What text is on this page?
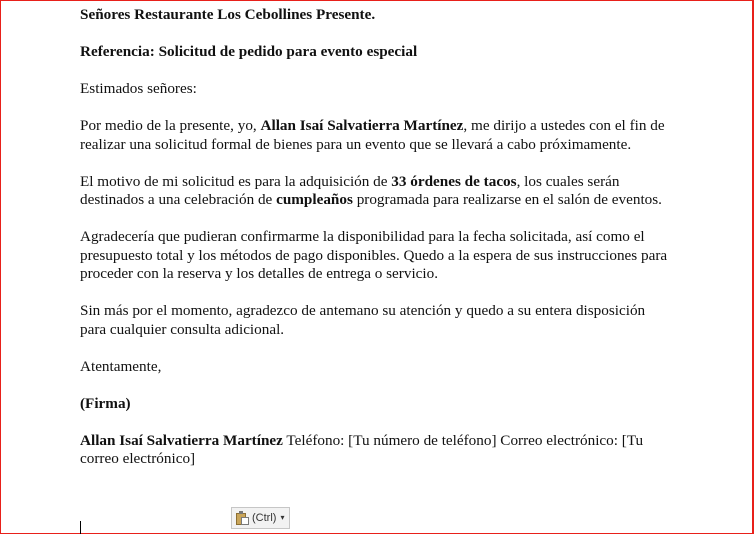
Señores Restaurante Los Cebollines Presente.

Referencia: Solicitud de pedido para evento especial

Estimados señores:

Por medio de la presente, yo, Allan Isaí Salvatierra Martínez, me dirijo a ustedes con el fin de realizar una solicitud formal de bienes para un evento que se llevará a cabo próximamente.

El motivo de mi solicitud es para la adquisición de 33 órdenes de tacos, los cuales serán destinados a una celebración de cumpleaños programada para realizarse en el salón de eventos.

Agradecería que pudieran confirmarme la disponibilidad para la fecha solicitada, así como el presupuesto total y los métodos de pago disponibles. Quedo a la espera de sus instrucciones para proceder con la reserva y los detalles de entrega o servicio.

Sin más por el momento, agradezco de antemano su atención y quedo a su entera disposición para cualquier consulta adicional.

Atentamente,

(Firma)

Allan Isaí Salvatierra Martínez Teléfono: [Tu número de teléfono] Correo electrónico: [Tu correo electrónico]

(Ctrl) ▾
